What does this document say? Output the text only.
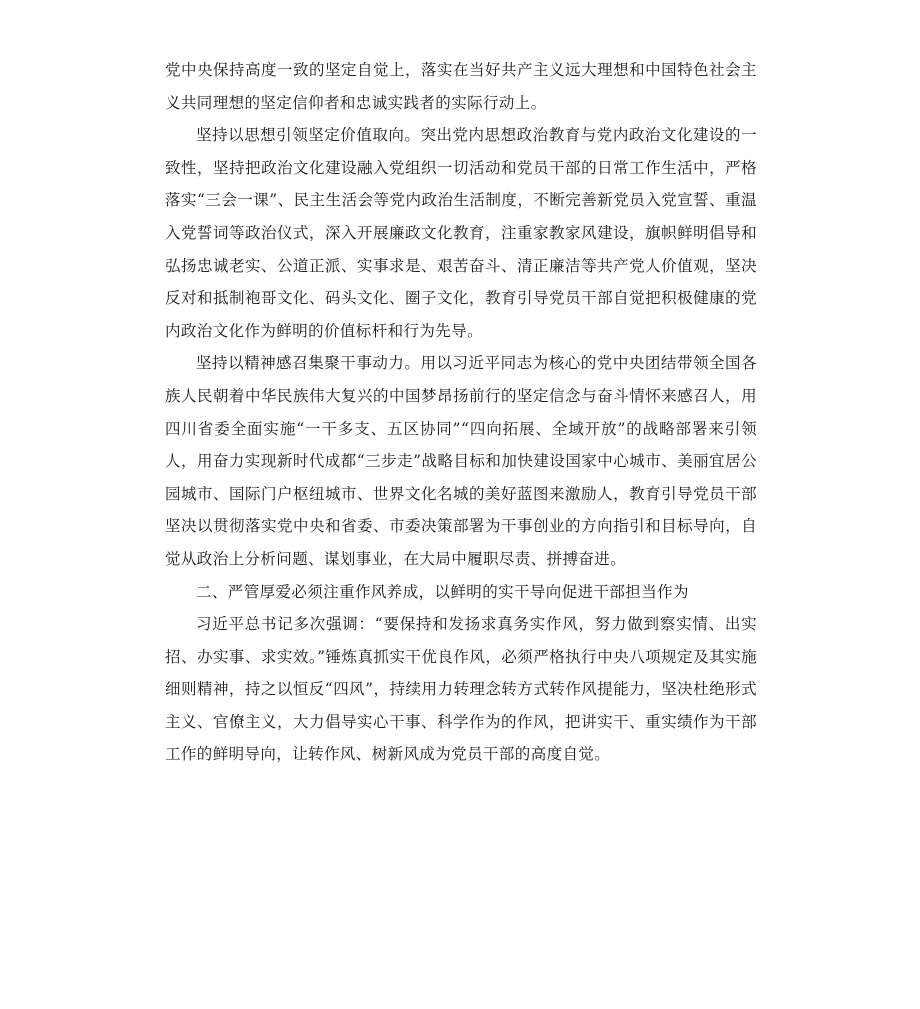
党中央保持高度一致的坚定自觉上，落实在当好共产主义远大理想和中国特色社会主义共同理想的坚定信仰者和忠诚实践者的实际行动上。

坚持以思想引领坚定价值取向。突出党内思想政治教育与党内政治文化建设的一致性，坚持把政治文化建设融入党组织一切活动和党员干部的日常工作生活中，严格落实“三会一课”、民主生活会等党内政治生活制度，不断完善新党员入党宣誓、重温入党誓词等政治仪式，深入开展廉政文化教育，注重家教家风建设，旗帜鲜明倡导和弘扬忠诚老实、公道正派、实事求是、艰苦奋斗、清正廉洁等共产党人价值观，坚决反对和抵制袍哥文化、码头文化、圈子文化，教育引导党员干部自觉把积极健康的党内政治文化作为鲜明的价值标杆和行为先导。

坚持以精神感召集聚干事动力。用以习近平同志为核心的党中央团结带领全国各族人民朝着中华民族伟大复兴的中国梦昂扬前行的坚定信念与奋斗情怀来感召人，用四川省委全面实施“一干多支、五区协同”“四向拓展、全域开放”的战略部署来引领人，用奋力实现新时代成都“三步走”战略目标和加快建设国家中心城市、美丽宜居公园城市、国际门户枢纽城市、世界文化名城的美好蓝图来激励人，教育引导党员干部坚决以贯彻落实党中央和省委、市委决策部署为干事创业的方向指引和目标导向，自觉从政治上分析问题、谋划事业，在大局中履职尽责、拼搏奋进。

二、严管厚爱必须注重作风养成，以鲜明的实干导向促进干部担当作为

习近平总书记多次强调：“要保持和发扬求真务实作风，努力做到察实情、出实招、办实事、求实效。”锤炼真抓实干优良作风，必须严格执行中央八项规定及其实施细则精神，持之以恒反“四风”，持续用力转理念转方式转作风提能力，坚决杜绝形式主义、官僚主义，大力倡导实心干事、科学作为的作风，把讲实干、重实绩作为干部工作的鲜明导向，让转作风、树新风成为党员干部的高度自觉。
